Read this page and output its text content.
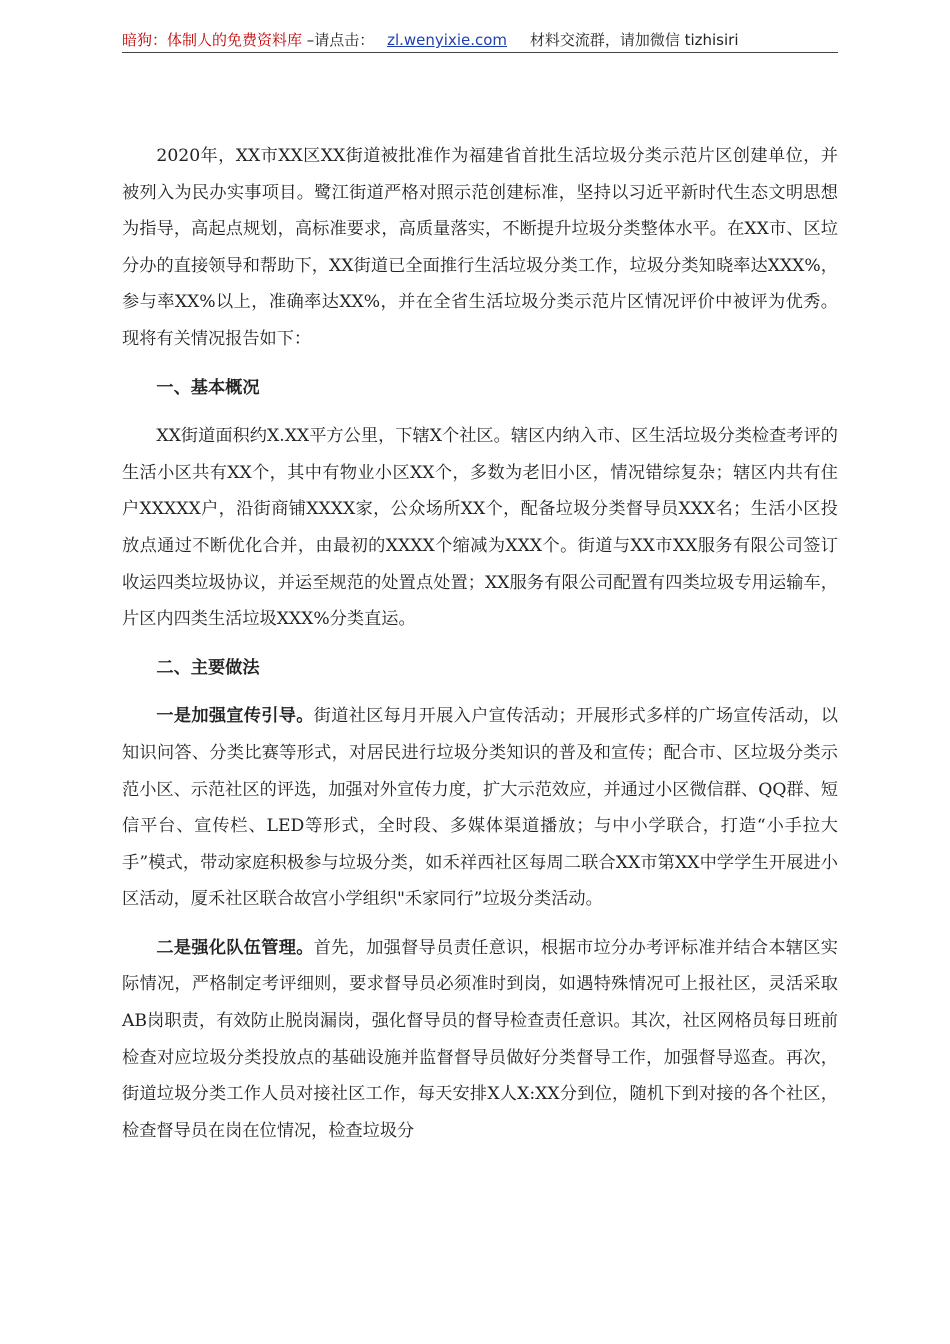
暗狗：体制人的免费资料库 –请点击： zl.wenyixie.com 材料交流群，请加微信 tizhisiri

2020年，XX市XX区XX街道被批准作为福建省首批生活垃圾分类示范片区创建单位，并被列入为民办实事项目。鹭江街道严格对照示范创建标准，坚持以习近平新时代生态文明思想为指导，高起点规划，高标准要求，高质量落实，不断提升垃圾分类整体水平。在XX市、区垃分办的直接领导和帮助下，XX街道已全面推行生活垃圾分类工作，垃圾分类知晓率达XXX%，参与率XX%以上，准确率达XX%，并在全省生活垃圾分类示范片区情况评价中被评为优秀。现将有关情况报告如下：

一、基本概况

XX街道面积约X.XX平方公里，下辖X个社区。辖区内纳入市、区生活垃圾分类检查考评的生活小区共有XX个，其中有物业小区XX个，多数为老旧小区，情况错综复杂；辖区内共有住户XXXXX户，沿街商铺XXXX家，公众场所XX个，配备垃圾分类督导员XXX名；生活小区投放点通过不断优化合并，由最初的XXXX个缩减为XXX个。街道与XX市XX服务有限公司签订收运四类垃圾协议，并运至规范的处置点处置；XX服务有限公司配置有四类垃圾专用运输车，片区内四类生活垃圾XXX%分类直运。

二、主要做法

一是加强宣传引导。街道社区每月开展入户宣传活动；开展形式多样的广场宣传活动，以知识问答、分类比赛等形式，对居民进行垃圾分类知识的普及和宣传；配合市、区垃圾分类示范小区、示范社区的评选，加强对外宣传力度，扩大示范效应，并通过小区微信群、QQ群、短信平台、宣传栏、LED等形式，全时段、多媒体渠道播放；与中小学联合，打造“小手拉大手”模式，带动家庭积极参与垃圾分类，如禾祥西社区每周二联合XX市第XX中学学生开展进小区活动，厦禾社区联合故宫小学组织"禾家同行”垃圾分类活动。

二是强化队伍管理。首先，加强督导员责任意识，根据市垃分办考评标准并结合本辖区实际情况，严格制定考评细则，要求督导员必须准时到岗，如遇特殊情况可上报社区，灵活采取AB岗职责，有效防止脱岗漏岗，强化督导员的督导检查责任意识。其次，社区网格员每日班前检查对应垃圾分类投放点的基础设施并监督督导员做好分类督导工作，加强督导巡查。再次，街道垃圾分类工作人员对接社区工作，每天安排X人X:XX分到位，随机下到对接的各个社区，检查督导员在岗在位情况，检查垃圾分
